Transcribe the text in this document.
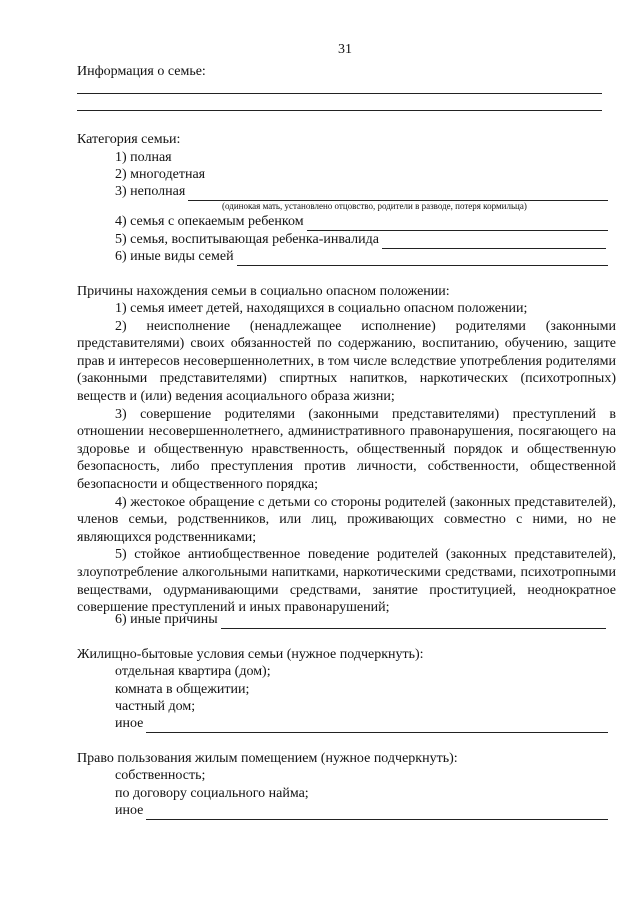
31
Информация о семье:
Категория семьи:
1) полная
2) многодетная
3) неполная
(одинокая мать, установлено отцовство, родители в разводе, потеря кормильца)
4) семья с опекаемым ребенком
5) семья, воспитывающая ребенка-инвалида
6) иные виды семей
Причины нахождения семьи в социально опасном положении:

1) семья имеет детей, находящихся в социально опасном положении;

2) неисполнение (ненадлежащее исполнение) родителями (законными представителями) своих обязанностей по содержанию, воспитанию, обучению, защите прав и интересов несовершеннолетних, в том числе вследствие употребления родителями (законными представителями) спиртных напитков, наркотических (психотропных) веществ и (или) ведения асоциального образа жизни;

3) совершение родителями (законными представителями) преступлений в отношении несовершеннолетнего, административного правонарушения, посягающего на здоровье и общественную нравственность, общественный порядок и общественную безопасность, либо преступления против личности, собственности, общественной безопасности и общественного порядка;

4) жестокое обращение с детьми со стороны родителей (законных представителей), членов семьи, родственников, или лиц, проживающих совместно с ними, но не являющихся родственниками;

5) стойкое антиобщественное поведение родителей (законных представителей), злоупотребление алкогольными напитками, наркотическими средствами, психотропными веществами, одурманивающими средствами, занятие проституцией, неоднократное совершение преступлений и иных правонарушений;

6) иные причины
Жилищно-бытовые условия семьи (нужное подчеркнуть):
отдельная квартира (дом);
комната в общежитии;
частный дом;
иное
Право пользования жилым помещением (нужное подчеркнуть):
собственность;
по договору социального найма;
иное
